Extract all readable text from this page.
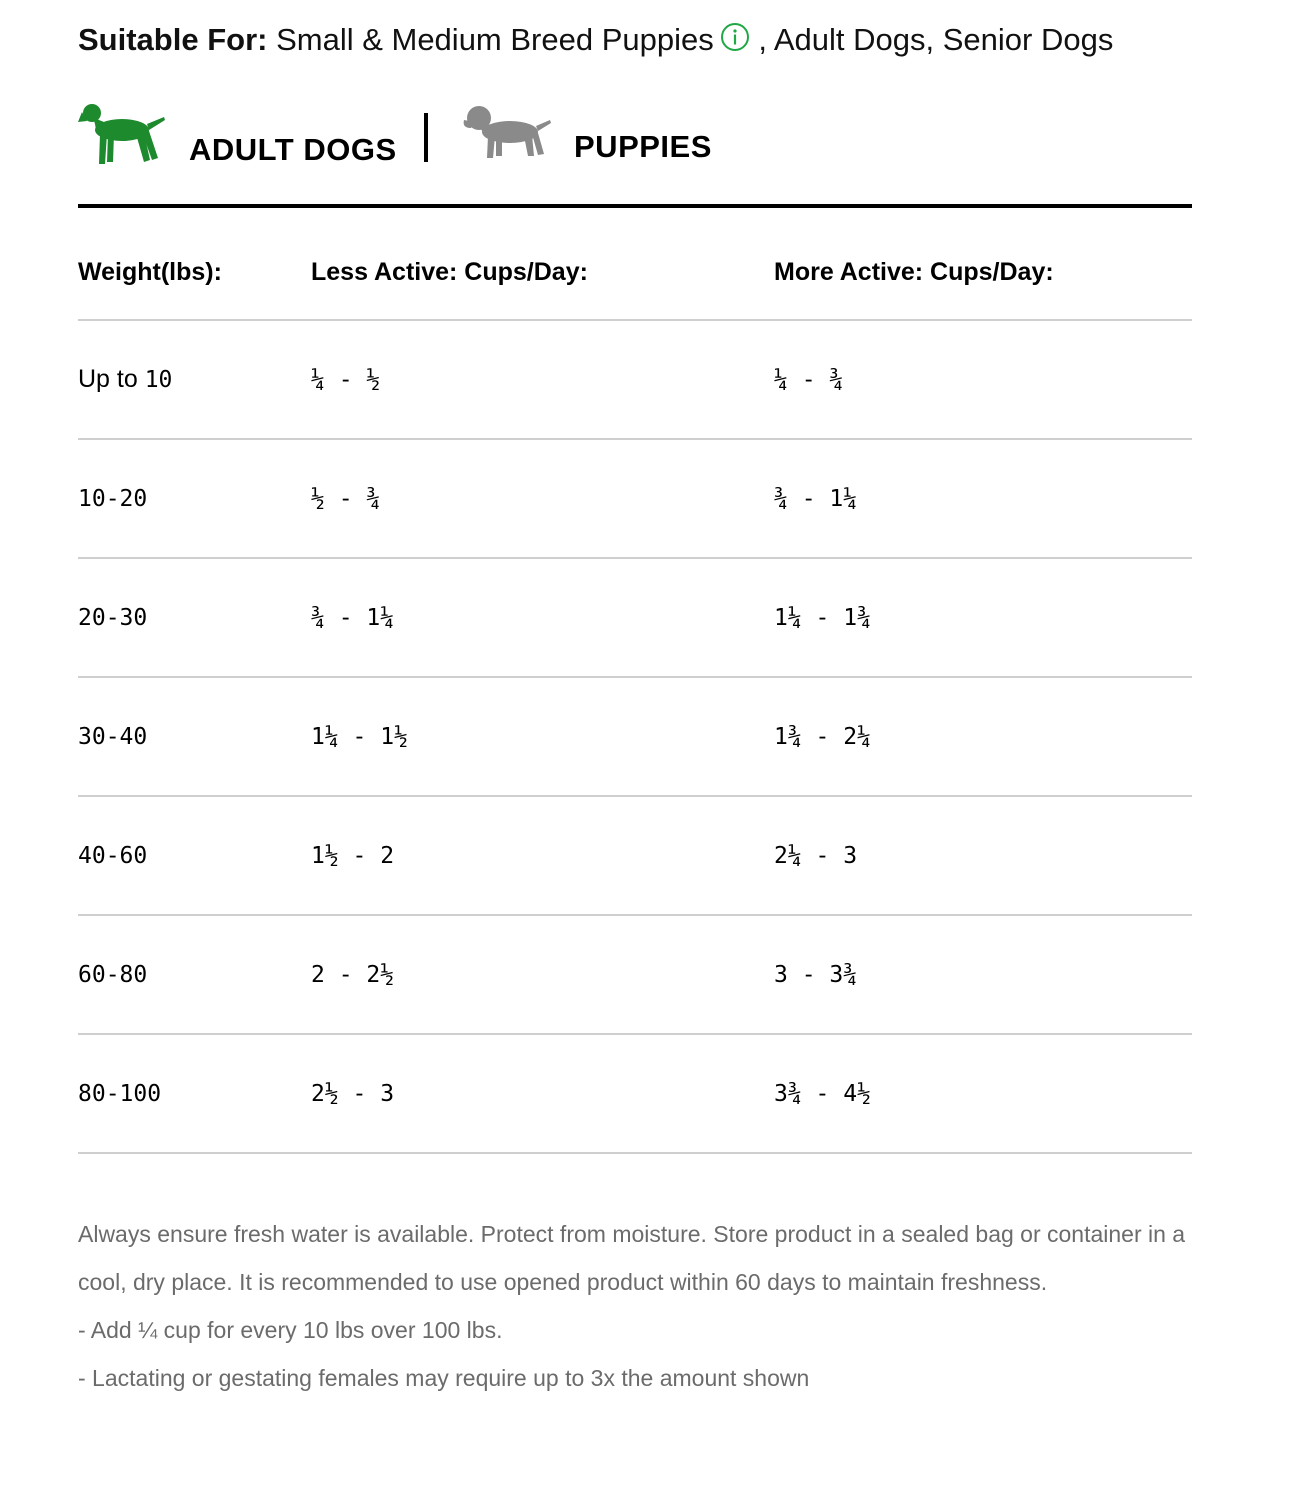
Suitable For: Small & Medium Breed Puppies , Adult Dogs, Senior Dogs
ADULT DOGS	PUPPIES
Weight(lbs):	Less Active: Cups/Day:	More Active: Cups/Day:
Up to 10	¼ - ½	¼ - ¾
10-20	½ - ¾	¾ - 1¼
20-30	¾ - 1¼	1¼ - 1¾
30-40	1¼ - 1½	1¾ - 2¼
40-60	1½ - 2	2¼ - 3
60-80	2 - 2½	3 - 3¾
80-100	2½ - 3	3¾ - 4½

Always ensure fresh water is available. Protect from moisture. Store product in a sealed bag or container in a cool, dry place. It is recommended to use opened product within 60 days to maintain freshness.

- Add ¼ cup for every 10 lbs over 100 lbs.

- Lactating or gestating females may require up to 3x the amount shown
